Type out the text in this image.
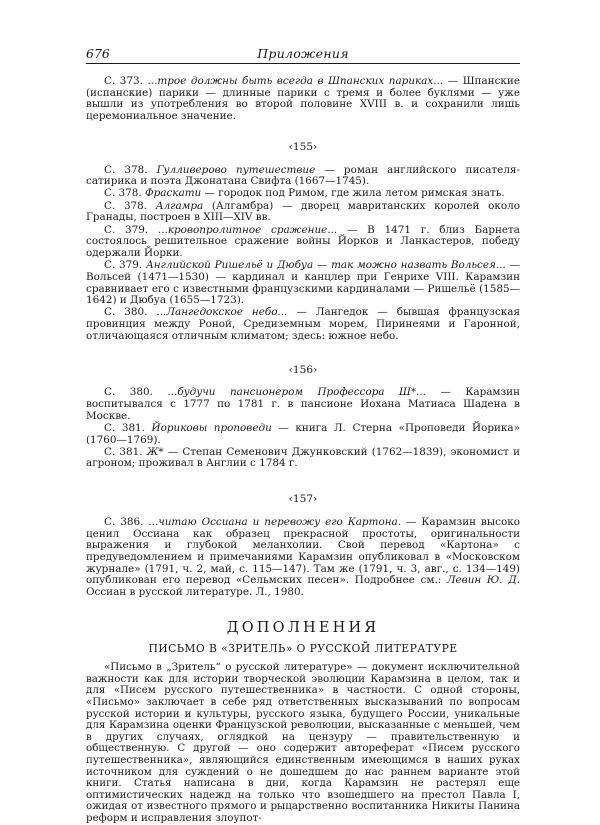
676	Приложения

С. 373. ...трое должны быть всегда в Шпанских париках... — Шпанские (испанские) парики — длинные парики с тремя и более буклями — уже вышли из употребления во второй половине XVIII в. и сохранили лишь церемониальное значение.

‹155›

С. 378. Гулливерово путешествие — роман английского писателя-сатирика и поэта Джонатана Свифта (1667—1745).

С. 378. Фраскати — городок под Римом, где жила летом римская знать.

С. 378. Алгамра (Алгамбра) — дворец мавританских королей около Гранады, построен в XIII—XIV вв.

С. 379. ...кровопролитное сражение... — В 1471 г. близ Барнета состоялось решительное сражение войны Йорков и Ланкастеров, победу одержали Йорки.

С. 379. Английской Ришельё и Дюбуа — так можно назвать Вольсея... — Вольсей (1471—1530) — кардинал и канцлер при Генрихе VIII. Карамзин сравнивает его с известными французскими кардиналами — Ришельё (1585—1642) и Дюбуа (1655—1723).

С. 380. ...Лангедокское небо... — Лангедок — бывшая французская провинция между Роной, Средиземным морем, Пиринеями и Гаронной, отличающаяся отличным климатом; здесь: южное небо.

‹156›

С. 380. ...будучи пансионером Профессора Ш*... — Карамзин воспитывался с 1777 по 1781 г. в пансионе Иохана Матиаса Шадена в Москве.

С. 381. Йориковы проповеди — книга Л. Стерна «Проповеди Йорика» (1760—1769).

С. 381. Ж* — Степан Семенович Джунковский (1762—1839), экономист и агроном; проживал в Англии с 1784 г.

‹157›

С. 386. ...читаю Оссиана и перевожу его Картона. — Карамзин высоко ценил Оссиана как образец прекрасной простоты, оригинальности выражения и глубокой меланхолии. Свой перевод «Картона» с предуведомлением и примечаниями Карамзин опубликовал в «Московском журнале» (1791, ч. 2, май, с. 115—147). Там же (1791, ч. 3, авг., с. 134—149) опубликован его перевод «Сельмских песен». Подробнее см.: Левин Ю. Д. Оссиан в русской литературе. Л., 1980.

ДОПОЛНЕНИЯ
ПИСЬМО В «ЗРИТЕЛЬ» О РУССКОЙ ЛИТЕРАТУРЕ

«Письмо в „Зритель“ о русской литературе» — документ исключительной важности как для истории творческой эволюции Карамзина в целом, так и для «Писем русского путешественника» в частности. С одной стороны, «Письмо» заключает в себе ряд ответственных высказываний по вопросам русской истории и культуры, русского языка, будущего России, уникальные для Карамзина оценки Французской революции, высказанные с меньшей, чем в других случаях, оглядкой на цензуру — правительственную и общественную. С другой — оно содержит автореферат «Писем русского путешественника», являющийся единственным имеющимся в наших руках источником для суждений о не дошедшем до нас раннем варианте этой книги. Статья написана в дни, когда Карамзин не растерял еще оптимистических надежд на только что взошедшего на престол Павла I, ожидая от известного прямого и рыцарственно воспитанника Никиты Панина реформ и исправления злоупот-
